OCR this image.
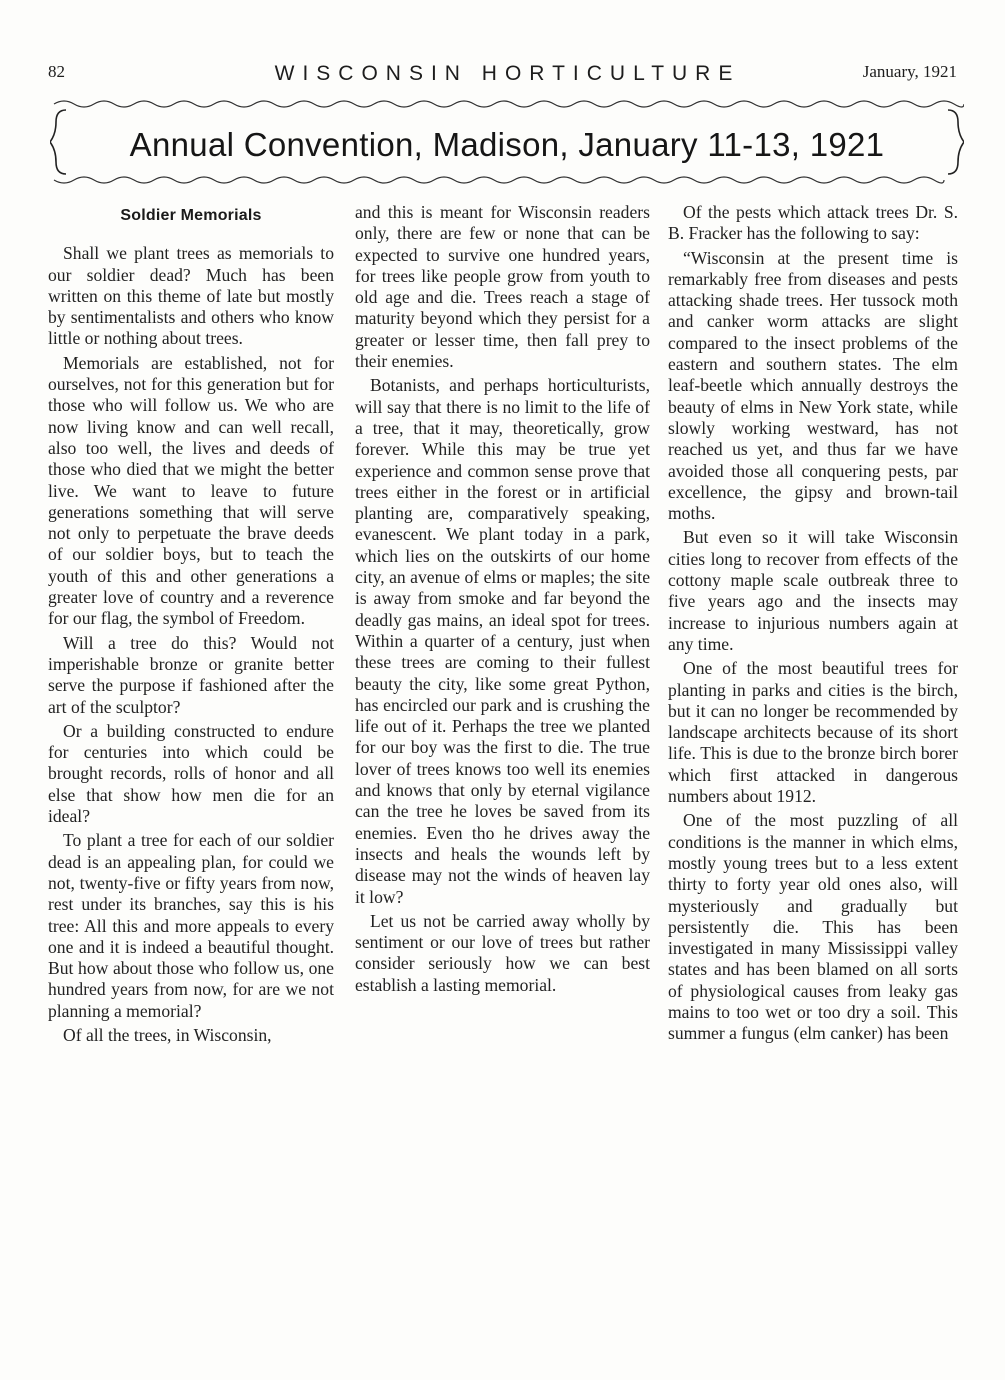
82	WISCONSIN HORTICULTURE	January, 1921
Annual Convention, Madison, January 11-13, 1921
Soldier Memorials

Shall we plant trees as memorials to our soldier dead? Much has been written on this theme of late but mostly by sentimentalists and others who know little or nothing about trees.

Memorials are established, not for ourselves, not for this generation but for those who will follow us. We who are now living know and can well recall, also too well, the lives and deeds of those who died that we might the better live. We want to leave to future generations something that will serve not only to perpetuate the brave deeds of our soldier boys, but to teach the youth of this and other generations a greater love of country and a reverence for our flag, the symbol of Freedom.

Will a tree do this? Would not imperishable bronze or granite better serve the purpose if fashioned after the art of the sculptor?

Or a building constructed to endure for centuries into which could be brought records, rolls of honor and all else that show how men die for an ideal?

To plant a tree for each of our soldier dead is an appealing plan, for could we not, twenty-five or fifty years from now, rest under its branches, say this is his tree: All this and more appeals to every one and it is indeed a beautiful thought. But how about those who follow us, one hundred years from now, for are we not planning a memorial?

Of all the trees, in Wisconsin,

and this is meant for Wisconsin readers only, there are few or none that can be expected to survive one hundred years, for trees like people grow from youth to old age and die. Trees reach a stage of maturity beyond which they persist for a greater or lesser time, then fall prey to their enemies.

Botanists, and perhaps horticulturists, will say that there is no limit to the life of a tree, that it may, theoretically, grow forever. While this may be true yet experience and common sense prove that trees either in the forest or in artificial planting are, comparatively speaking, evanescent. We plant today in a park, which lies on the outskirts of our home city, an avenue of elms or maples; the site is away from smoke and far beyond the deadly gas mains, an ideal spot for trees. Within a quarter of a century, just when these trees are coming to their fullest beauty the city, like some great Python, has encircled our park and is crushing the life out of it. Perhaps the tree we planted for our boy was the first to die. The true lover of trees knows too well its enemies and knows that only by eternal vigilance can the tree he loves be saved from its enemies. Even tho he drives away the insects and heals the wounds left by disease may not the winds of heaven lay it low?

Let us not be carried away wholly by sentiment or our love of trees but rather consider seriously how we can best establish a lasting memorial.

Of the pests which attack trees Dr. S. B. Fracker has the following to say:

“Wisconsin at the present time is remarkably free from diseases and pests attacking shade trees. Her tussock moth and canker worm attacks are slight compared to the insect problems of the eastern and southern states. The elm leaf-beetle which annually destroys the beauty of elms in New York state, while slowly working westward, has not reached us yet, and thus far we have avoided those all conquering pests, par excellence, the gipsy and brown-tail moths.

But even so it will take Wisconsin cities long to recover from effects of the cottony maple scale outbreak three to five years ago and the insects may increase to injurious numbers again at any time.

One of the most beautiful trees for planting in parks and cities is the birch, but it can no longer be recommended by landscape architects because of its short life. This is due to the bronze birch borer which first attacked in dangerous numbers about 1912.

One of the most puzzling of all conditions is the manner in which elms, mostly young trees but to a less extent thirty to forty year old ones also, will mysteriously and gradually but persistently die. This has been investigated in many Mississippi valley states and has been blamed on all sorts of physiological causes from leaky gas mains to too wet or too dry a soil. This summer a fungus (elm canker) has been
